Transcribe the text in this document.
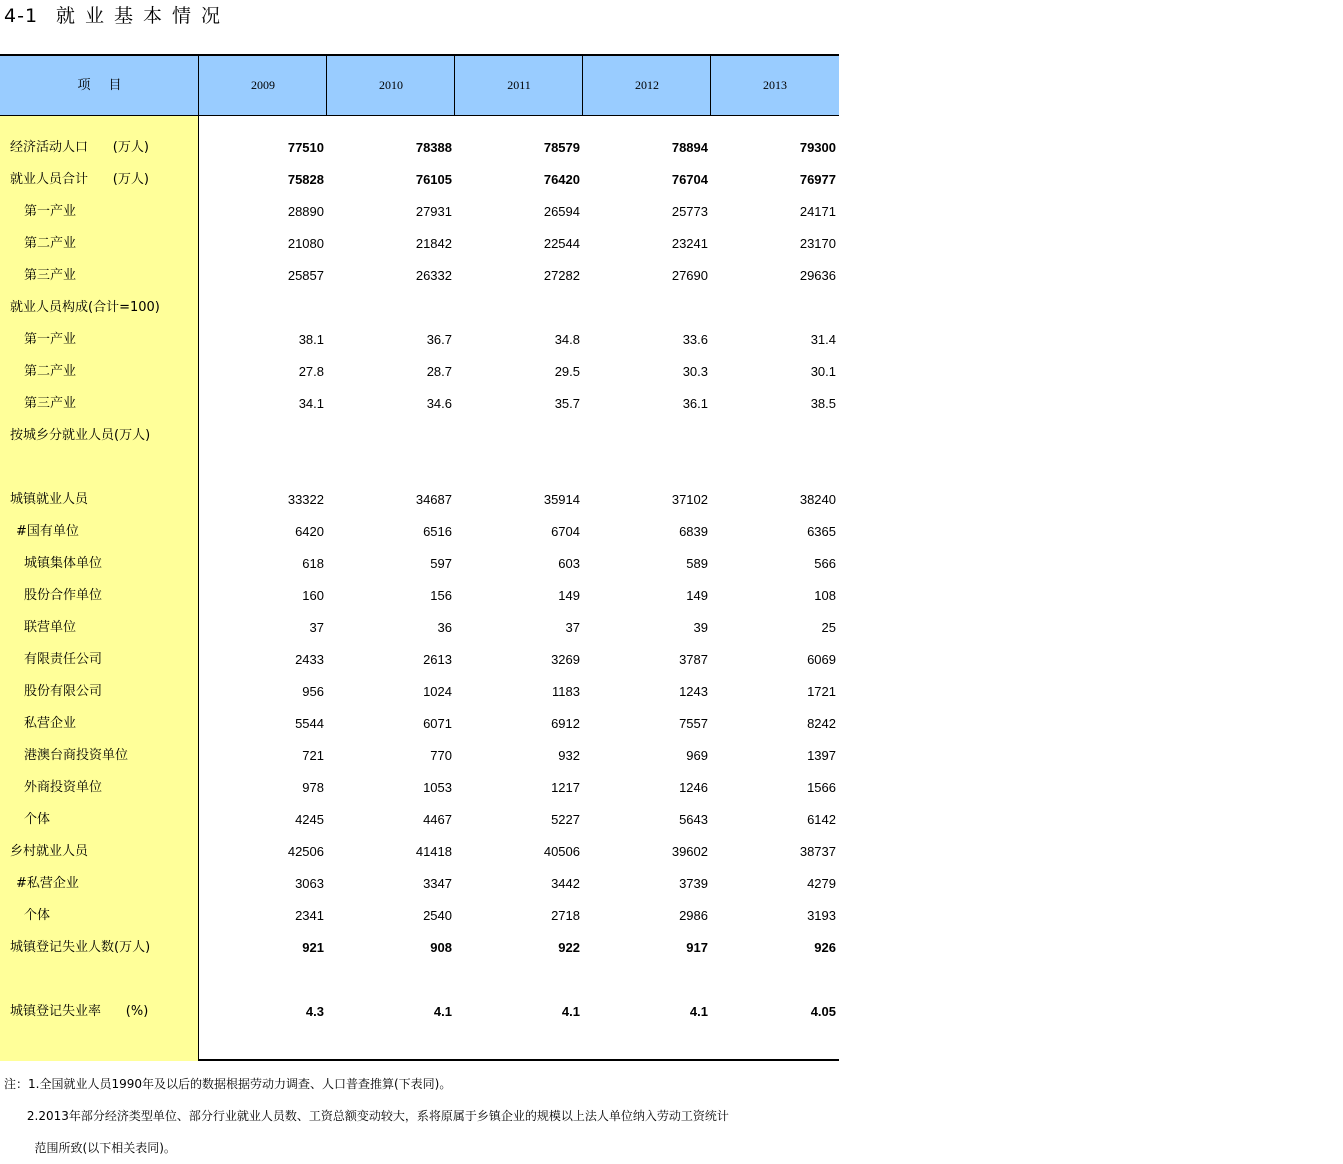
4-1 就业基本情况
项目	2009	2010	2011	2012	2013
经济活动人口      (万人)	77510	78388	78579	78894	79300
就业人员合计      (万人)	75828	76105	76420	76704	76977
第一产业	28890	27931	26594	25773	24171
第二产业	21080	21842	22544	23241	23170
第三产业	25857	26332	27282	27690	29636
就业人员构成(合计=100)
第一产业	38.1	36.7	34.8	33.6	31.4
第二产业	27.8	28.7	29.5	30.3	30.1
第三产业	34.1	34.6	35.7	36.1	38.5
按城乡分就业人员(万人)
城镇就业人员	33322	34687	35914	37102	38240
#国有单位	6420	6516	6704	6839	6365
城镇集体单位	618	597	603	589	566
股份合作单位	160	156	149	149	108
联营单位	37	36	37	39	25
有限责任公司	2433	2613	3269	3787	6069
股份有限公司	956	1024	1183	1243	1721
私营企业	5544	6071	6912	7557	8242
港澳台商投资单位	721	770	932	969	1397
外商投资单位	978	1053	1217	1246	1566
个体	4245	4467	5227	5643	6142
乡村就业人员	42506	41418	40506	39602	38737
#私营企业	3063	3347	3442	3739	4279
个体	2341	2540	2718	2986	3193
城镇登记失业人数(万人)	921	908	922	917	926
城镇登记失业率      (%)	4.3	4.1	4.1	4.1	4.05
注：1.全国就业人员1990年及以后的数据根据劳动力调查、人口普查推算(下表同)。
2.2013年部分经济类型单位、部分行业就业人员数、工资总额变动较大，系将原属于乡镇企业的规模以上法人单位纳入劳动工资统计
范围所致(以下相关表同)。
